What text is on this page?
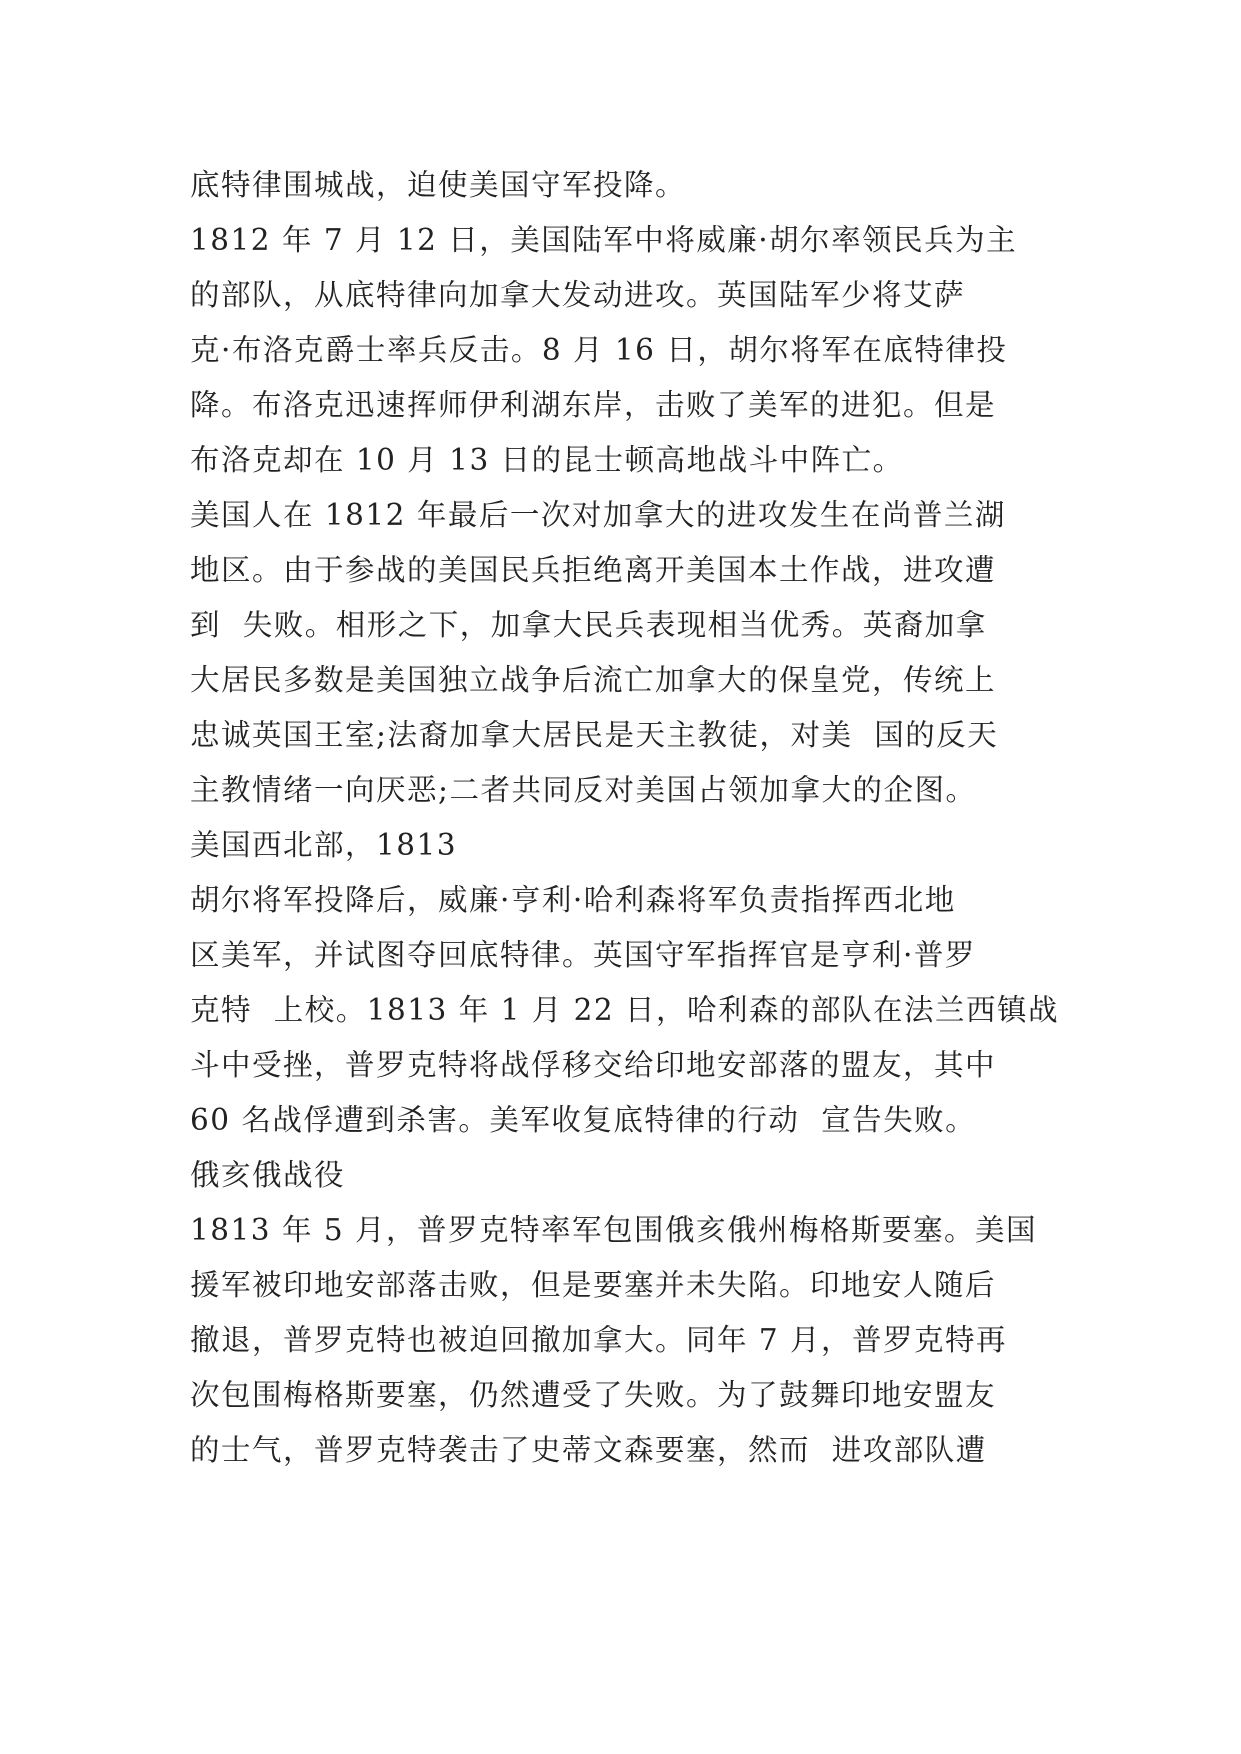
底特律围城战，迫使美国守军投降。
1812 年 7 月 12 日，美国陆军中将威廉·胡尔率领民兵为主
的部队，从底特律向加拿大发动进攻。英国陆军少将艾萨
克·布洛克爵士率兵反击。8 月 16 日，胡尔将军在底特律投
降。布洛克迅速挥师伊利湖东岸，击败了美军的进犯。但是
布洛克却在 10 月 13 日的昆士顿高地战斗中阵亡。
美国人在 1812 年最后一次对加拿大的进攻发生在尚普兰湖
地区。由于参战的美国民兵拒绝离开美国本土作战，进攻遭
到  失败。相形之下，加拿大民兵表现相当优秀。英裔加拿
大居民多数是美国独立战争后流亡加拿大的保皇党，传统上
忠诚英国王室;法裔加拿大居民是天主教徒，对美  国的反天
主教情绪一向厌恶;二者共同反对美国占领加拿大的企图。
美国西北部，1813
胡尔将军投降后，威廉·亨利·哈利森将军负责指挥西北地
区美军，并试图夺回底特律。英国守军指挥官是亨利·普罗
克特  上校。1813 年 1 月 22 日，哈利森的部队在法兰西镇战
斗中受挫，普罗克特将战俘移交给印地安部落的盟友，其中
60 名战俘遭到杀害。美军收复底特律的行动  宣告失败。
俄亥俄战役
1813 年 5 月，普罗克特率军包围俄亥俄州梅格斯要塞。美国
援军被印地安部落击败，但是要塞并未失陷。印地安人随后
撤退，普罗克特也被迫回撤加拿大。同年 7 月，普罗克特再
次包围梅格斯要塞，仍然遭受了失败。为了鼓舞印地安盟友
的士气，普罗克特袭击了史蒂文森要塞，然而  进攻部队遭
